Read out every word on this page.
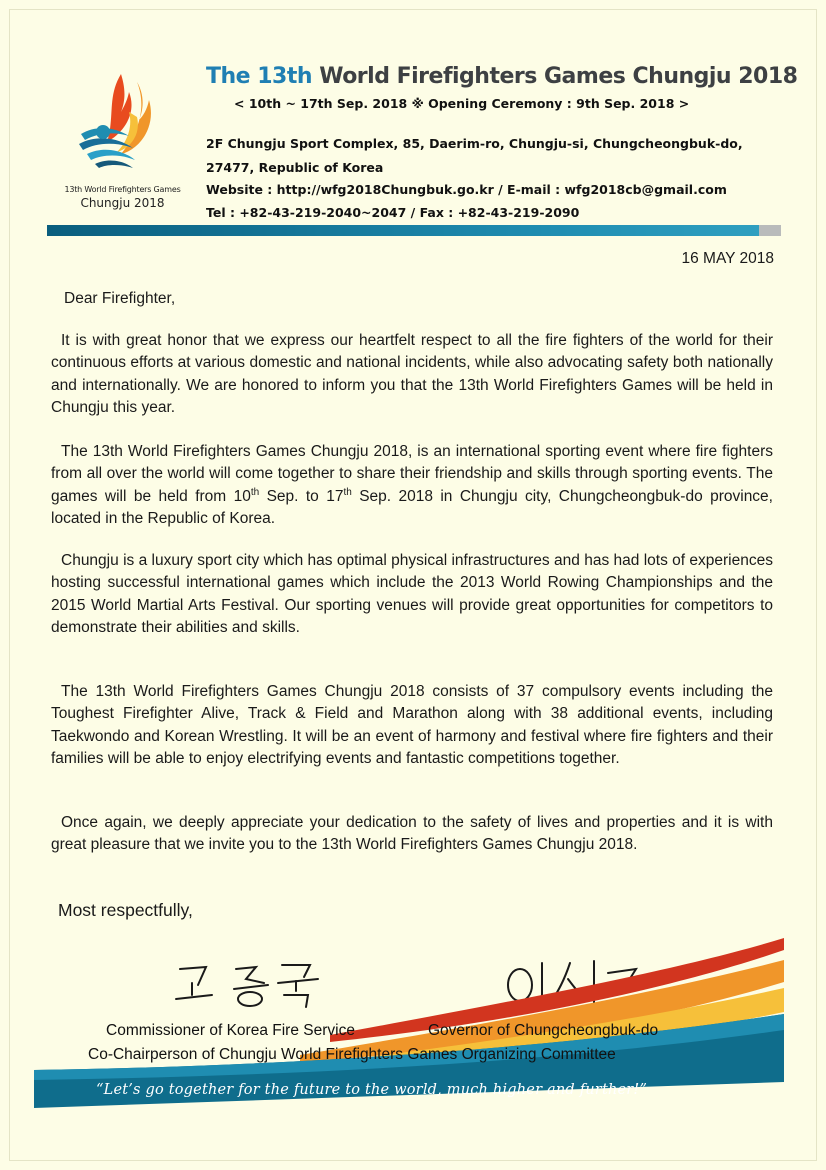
13th World Firefighters Games
Chungju 2018
The 13th World Firefighters Games Chungju 2018
< 10th ~ 17th Sep. 2018 ※ Opening Ceremony : 9th Sep. 2018 >
2F Chungju Sport Complex, 85, Daerim-ro, Chungju-si, Chungcheongbuk-do,
27477, Republic of Korea
Website : http://wfg2018Chungbuk.go.kr / E-mail : wfg2018cb@gmail.com
Tel : +82-43-219-2040~2047 / Fax : +82-43-219-2090
16 MAY 2018
Dear Firefighter,

It is with great honor that we express our heartfelt respect to all the fire fighters of the world for their continuous efforts at various domestic and national incidents, while also advocating safety both nationally and internationally. We are honored to inform you that the 13th World Firefighters Games will be held in Chungju this year.

The 13th World Firefighters Games Chungju 2018, is an international sporting event where fire fighters from all over the world will come together to share their friendship and skills through sporting events. The games will be held from 10th Sep. to 17th Sep. 2018 in Chungju city, Chungcheongbuk-do province, located in the Republic of Korea.

Chungju is a luxury sport city which has optimal physical infrastructures and has had lots of experiences hosting successful international games which include the 2013 World Rowing Championships and the 2015 World Martial Arts Festival. Our sporting venues will provide great opportunities for competitors to demonstrate their abilities and skills.

The 13th World Firefighters Games Chungju 2018 consists of 37 compulsory events including the Toughest Firefighter Alive, Track & Field and Marathon along with 38 additional events, including Taekwondo and Korean Wrestling. It will be an event of harmony and festival where fire fighters and their families will be able to enjoy electrifying events and fantastic competitions together.

Once again, we deeply appreciate your dedication to the safety of lives and properties and it is with great pleasure that we invite you to the 13th World Firefighters Games Chungju 2018.

Most respectfully,
Commissioner of Korea Fire Service	Governor of Chungcheongbuk-do
Co-Chairperson of Chungju World Firefighters Games Organizing Committee
“Let’s go together for the future to the world, much higher and further!”
